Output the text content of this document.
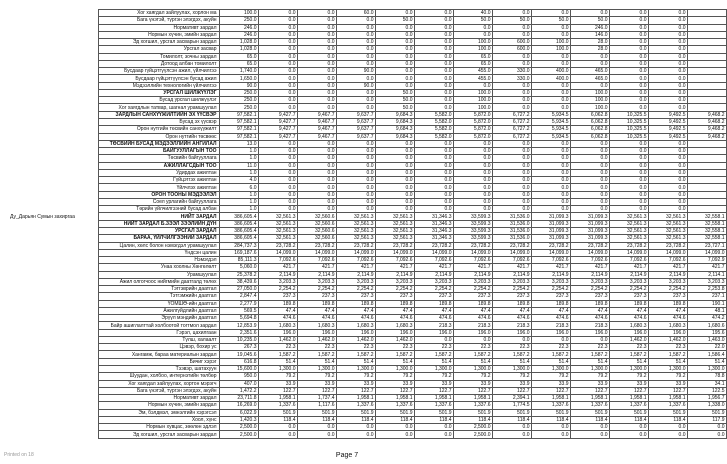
	Хог хаягдал зайлуулах, хорлон ма	100.0	0.0	0.0	60.0	0.0	0.0	40.0	0.0	0.0	0.0	0.0	0.0	
	Бага үнэтэй, түргэн элэгдэх, акуйн	250.0	0.0	0.0	0.0	50.0	0.0	50.0	50.0	50.0	50.0	0.0	0.0	
	Нормативт зардал	246.0	0.0	0.0	0.0	0.0	0.0	0.0	0.0	0.0	246.0	0.0	0.0	
	Нормын хүчин, эмийн зардал	246.0	0.0	0.0	0.0	0.0	0.0	0.0	0.0	0.0	146.0	0.0	0.0	
	Эд хогшил, урсгал засварын зардал	1,028.0	0.0	0.0	0.0	0.0	0.0	100.0	600.0	100.0	28.0	0.0	0.0	
	Урсгал засвар	1,028.0	0.0	0.0	0.0	0.0	0.0	100.0	600.0	100.0	28.0	0.0	0.0	
	Томилолт, зочны зардал	65.0	0.0	0.0	0.0	0.0	0.0	65.0	0.0	0.0	0.0	0.0	0.0	
	Дотоод албан томилолт	65.0	0.0	0.0	0.0	0.0	0.0	65.0	0.0	0.0	0.0	0.0	0.0	
	Бусдаар гүйцэтгүүлсэн ажил, үйлчилгээ	1,740.0	0.0	0.0	90.0	0.0	0.0	455.0	330.0	400.0	465.0	0.0	0.0	
	Бусдаар гүйцэтгүүлсэн бусад ажил	1,650.0	0.0	0.0	0.0	0.0	0.0	455.0	330.0	400.0	465.0	0.0	0.0	
	Мэдээллийн технологийн үйлчилгээ	90.0	0.0	0.0	90.0	0.0	0.0	0.0	0.0	0.0	0.0	0.0	0.0	
	УРСГАЛ ШИЛЖҮҮЛЭГ	250.0	0.0	0.0	0.0	50.0	0.0	100.0	0.0	0.0	100.0	0.0	0.0	
	Бусад урсгал шилжүүлэг	250.0	0.0	0.0	0.0	50.0	0.0	100.0	0.0	0.0	100.0	0.0	0.0	
	Хог хаягдлын татвар, шагнал урамшуулал	250.0	0.0	0.0	0.0	50.0	0.0	100.0	0.0	0.0	100.0	0.0	0.0	
	ЗАРДЛЫН САНХҮҮЖИЛТИЙН ЭХ ҮҮСВЭР	97,582.1	9,427.7	9,467.7	9,637.7	9,684.3	5,582.0	5,872.0	6,727.2	5,934.5	6,062.8	10,325.5	9,492.5	9,468.2
	Бусад эх үүсвэр	97,582.1	9,427.7	9,467.7	9,637.7	9,684.3	5,582.0	5,872.0	6,727.2	5,934.5	6,062.8	10,325.5	9,492.5	9,468.2
	Орон нутгийн төсвийн санхүүжилт	97,582.1	9,427.7	9,467.7	9,637.7	9,684.3	5,582.0	5,872.0	6,727.2	5,934.5	6,062.8	10,325.5	9,492.5	9,468.2
	Орон нутгийн төсвөөс	97,582.1	9,427.7	9,467.7	9,637.7	9,684.3	5,582.0	5,872.0	6,727.2	5,934.5	6,062.8	10,325.5	9,492.5	9,468.2
	ТӨСВИЙН БУСАД МЭДЭЭЛЛИЙН АНГИЛАЛ	13.0	0.0	0.0	0.0	0.0	0.0	0.0	0.0	0.0	0.0	0.0	0.0	
	БАЙГУУЛЛАГЫН ТОО	1.0	0.0	0.0	0.0	0.0	0.0	0.0	0.0	0.0	0.0	0.0	0.0	
	Төсвийн байгууллага	1.0	0.0	0.0	0.0	0.0	0.0	0.0	0.0	0.0	0.0	0.0	0.0	
	АЖИЛЛАГСДЫН ТОО	11.0	0.0	0.0	0.0	0.0	0.0	0.0	0.0	0.0	0.0	0.0	0.0	
	Удирдах ажилтан	1.0	0.0	0.0	0.0	0.0	0.0	0.0	0.0	0.0	0.0	0.0	0.0	
	Гүйцэтгэх ажилтан	4.0	0.0	0.0	0.0	0.0	0.0	0.0	0.0	0.0	0.0	0.0	0.0	
	Үйлчлэх ажилтан	6.0	0.0	0.0	0.0	0.0	0.0	0.0	0.0	0.0	0.0	0.0	0.0	
	ОРОН ТООНЫ МЭДЭЭЛЭЛ	1.0	0.0	0.0	0.0	0.0	0.0	0.0	0.0	0.0	0.0	0.0	0.0	
	Соел урлагийн байгууллага	1.0	0.0	0.0	0.0	0.0	0.0	0.0	0.0	0.0	0.0	0.0	0.0	
	Төрийн үйлчилгээний бусад албан	1.0	0.0	0.0	0.0	0.0	0.0	0.0	0.0	0.0	0.0	0.0	0.0	
Ду_Дарьян Сумын захиргаа	НИЙТ ЗАРДАЛ	386,605.4	32,561.3	32,560.6	32,561.3	32,561.3	31,346.3	33,599.3	31,536.0	31,099.3	31,099.3	32,561.3	32,561.3	32,558.1
	НИЙТ ЗАРДАЛ Б.ЗЭЭЛ ЗЭЭЛИЙН ДҮН	386,605.4	32,561.3	32,560.6	32,561.3	32,561.3	31,346.3	33,599.3	31,536.0	31,099.3	31,099.3	32,561.3	32,561.3	32,558.1
	УРСГАЛ ЗАРДАЛ	386,605.4	32,561.3	32,560.6	32,561.3	32,561.3	31,346.3	33,599.3	31,536.0	31,099.3	31,099.3	32,561.3	32,561.3	32,558.1
	БАРАА, ҮЙЛЧИЛГЭЭНИЙ ЗАРДАЛ	386,605.4	32,561.3	32,560.6	32,561.3	32,561.3	31,346.3	33,599.3	31,536.0	31,099.3	31,099.3	32,561.3	32,561.3	32,558.1
	Цалин, хөлс болон нэмэгдэл урамшуулал	284,737.3	23,728.2	23,728.2	23,728.2	23,728.2	23,728.2	23,728.2	23,728.2	23,728.2	23,728.2	23,728.2	23,728.2	23,727.1
	Үндсэн цалин	169,187.6	14,099.0	14,099.0	14,099.0	14,099.0	14,099.0	14,099.0	14,099.0	14,099.0	14,099.0	14,099.0	14,099.0	14,099.0
	Нэмэгдэл	85,111.3	7,092.6	7,092.6	7,092.6	7,092.6	7,092.6	7,092.6	7,092.6	7,092.6	7,092.6	7,092.6	7,092.6	7,092.9
	Унаа хоолны Хөнгөлөлт	5,060.0	421.7	421.7	421.7	421.7	421.7	421.7	421.7	421.7	421.7	421.7	421.7	421.7
	Урамшуулал	25,378.2	2,114.9	2,114.9	2,114.9	2,114.9	2,114.9	2,114.9	2,114.9	2,114.9	2,114.9	2,114.9	2,114.9	2,114.1
	Ажил олгогчоос нийгмийн даатгалд төлөх	38,439.6	3,203.3	3,203.3	3,203.3	3,203.3	3,203.3	3,203.3	3,203.3	3,203.3	3,203.3	3,203.3	3,203.3	3,203.3
	Тэтгэврийн даатгал	27,050.0	2,254.2	2,254.2	2,254.2	2,254.2	2,254.2	2,254.2	2,254.2	2,254.2	2,254.2	2,254.2	2,254.2	2,253.8
	Тэтгэмжийн даатгал	2,847.4	237.3	237.3	237.3	237.3	237.3	237.3	237.3	237.3	237.3	237.3	237.3	237.1
	ҮОМШӨ-ийн даатгал	2,277.9	189.8	189.8	189.8	189.8	189.8	189.8	189.8	189.8	189.8	189.8	189.8	190.1
	Ажилгүйдлийн даатгал	569.5	47.4	47.4	47.4	47.4	47.4	47.4	47.4	47.4	47.4	47.4	47.4	48.1
	Эрүүл мэндийн даатгал	5,694.8	474.6	474.6	474.6	474.6	474.6	474.6	474.6	474.6	474.6	474.6	474.6	474.2
	Байр ашиглалттай холбоотой тогтмол зардал	12,853.9	1,680.3	1,680.3	1,680.3	1,680.3	218.3	218.3	218.3	218.3	218.3	1,680.3	1,680.3	1,680.6
	Гэрэл, цахилгаан	2,351.6	196.0	196.0	196.0	196.0	196.0	196.0	196.0	196.0	196.0	196.0	196.0	195.6
	Түлш, халаалт	10,235.0	1,462.0	1,462.0	1,462.0	1,462.0	0.0	0.0	0.0	0.0	0.0	1,462.0	1,462.0	1,463.0
	Цэвэр, бохир ус	267.3	22.3	22.3	22.3	22.3	22.3	22.3	22.3	22.3	22.3	22.3	22.3	22.0
	Хангамж, бараа материалын зардал	19,045.6	1,587.2	1,587.2	1,587.2	1,587.2	1,587.2	1,587.2	1,587.2	1,587.2	1,587.2	1,587.2	1,587.2	1,586.4
	Бичиг хэрэг	616.8	51.4	51.4	51.4	51.4	51.4	51.4	51.4	51.4	51.4	51.4	51.4	51.4
	Тээвэр, шатахуун	15,600.0	1,300.0	1,300.0	1,300.0	1,300.0	1,300.0	1,300.0	1,300.0	1,300.0	1,300.0	1,300.0	1,300.0	1,300.0
	Шуудан, холбоо, интернэтийн төлбөр	950.0	79.2	79.2	79.2	79.2	79.2	79.2	79.2	79.2	79.2	79.2	79.2	78.8
	Хог хаягдал зайлуулах, хортон мэрэгч	407.0	33.9	33.9	33.9	33.9	33.9	33.9	33.9	33.9	33.9	33.9	33.9	34.1
	Бага үнэтэй, түргэн элэгдэх, акуйн	1,472.2	122.7	122.7	122.7	122.7	122.7	122.7	122.7	122.7	122.7	122.7	122.7	122.5
	Нормативт зардал	23,711.8	1,958.1	1,737.4	1,958.1	1,958.1	1,958.1	1,958.1	2,394.1	1,958.1	1,958.1	1,958.1	1,958.1	1,956.7
	Нормын хүчин, эмийн зардал	16,269.0	1,337.6	1,117.6	1,337.6	1,337.6	1,337.6	1,337.6	1,774.5	1,337.6	1,337.6	1,337.6	1,337.6	1,338.0
	Эм, бэлдмэл, эмнэлгийн хэрэгсэл	6,022.9	501.9	501.9	501.9	501.9	501.9	501.9	501.9	501.9	501.9	501.9	501.9	501.9
	Хоол, хүнс	1,420.3	118.4	118.4	118.4	118.4	118.4	118.4	118.4	118.4	118.4	118.4	118.4	117.9
	Нормын хувцас, зөөлөн эдлэл	2,500.0	0.0	0.0	0.0	0.0	0.0	2,500.0	0.0	0.0	0.0	0.0	0.0	0.0
	Эд хогшил, урсгал засварын зардал	2,500.0	0.0	0.0	0.0	0.0	0.0	2,500.0	0.0	0.0	0.0	0.0	0.0	0.0
Printed on 18	Page 7
